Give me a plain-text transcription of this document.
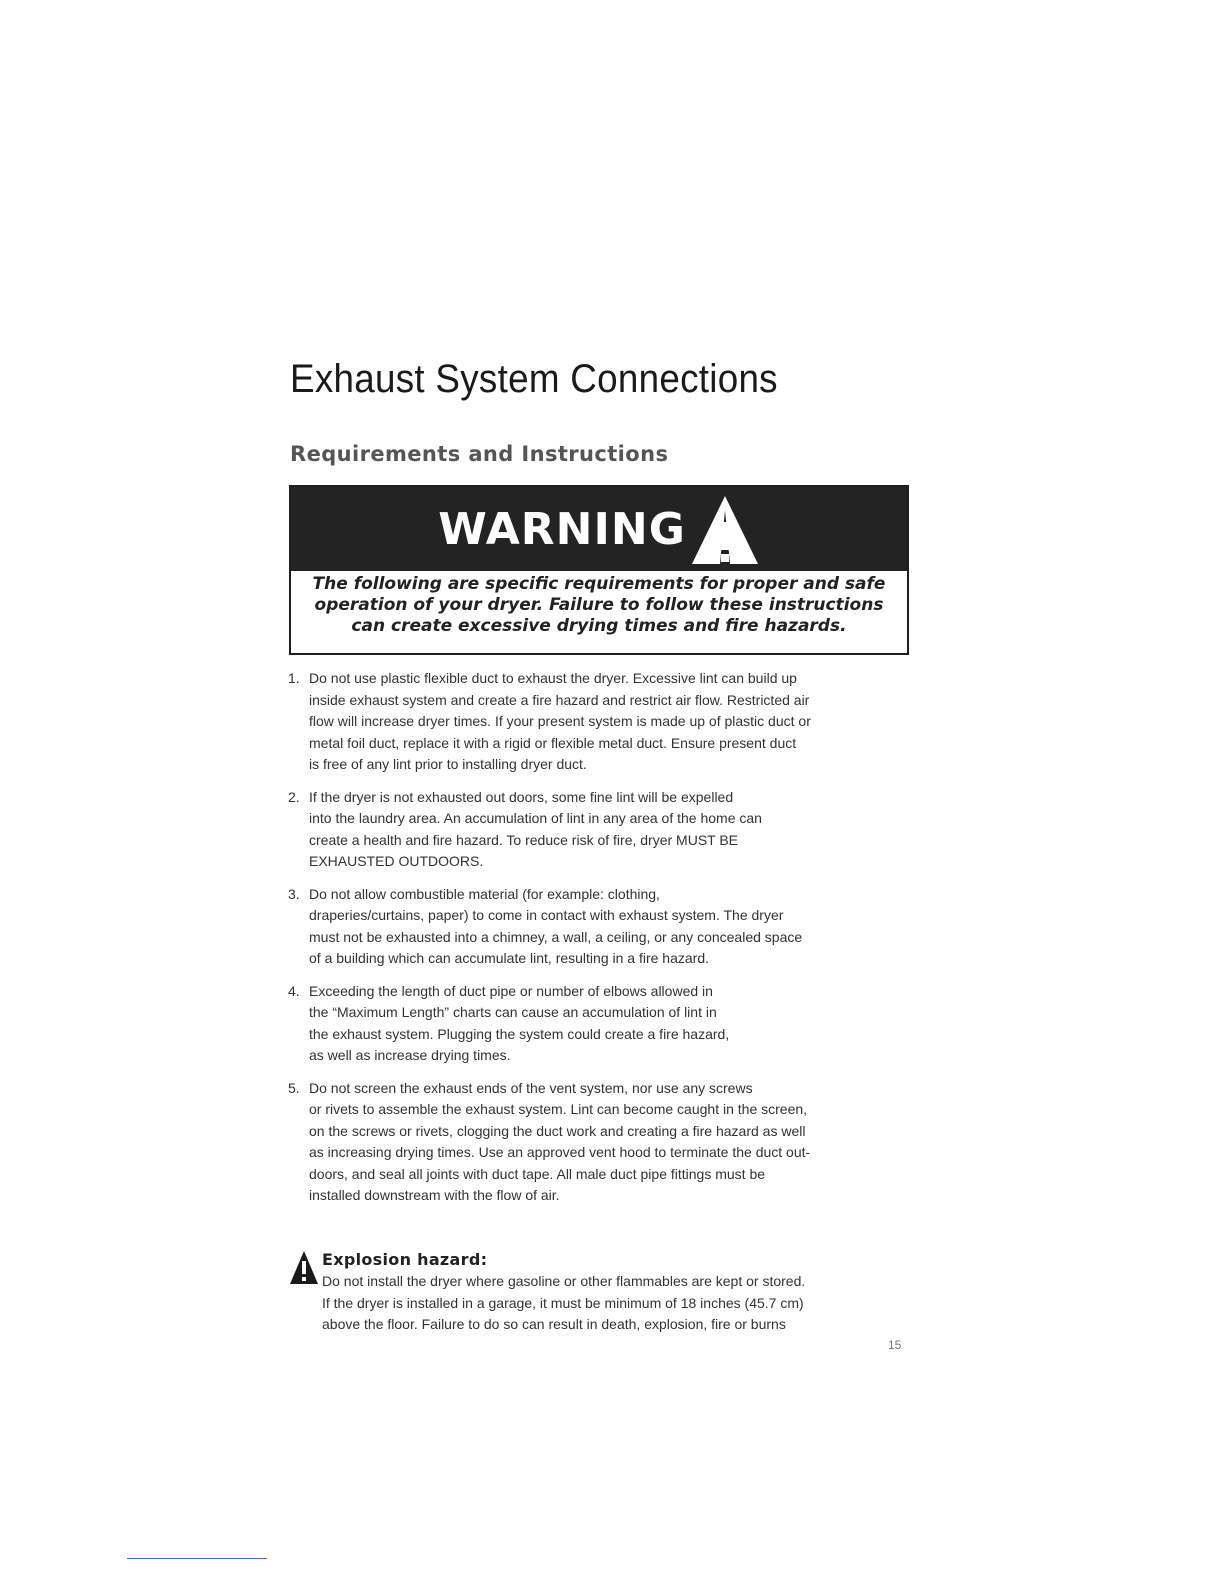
Exhaust System Connections
Requirements and Instructions
WARNING
The following are specific requirements for proper and safe
operation of your dryer. Failure to follow these instructions
can create excessive drying times and fire hazards.
1. Do not use plastic flexible duct to exhaust the dryer. Excessive lint can build up
inside exhaust system and create a fire hazard and restrict air flow. Restricted air
flow will increase dryer times. If your present system is made up of plastic duct or
metal foil duct, replace it with a rigid or flexible metal duct. Ensure present duct
is free of any lint prior to installing dryer duct.
2. If the dryer is not exhausted out doors, some fine lint will be expelled
into the laundry area. An accumulation of lint in any area of the home can
create a health and fire hazard. To reduce risk of fire, dryer MUST BE
EXHAUSTED OUTDOORS.
3. Do not allow combustible material (for example: clothing,
draperies/curtains, paper) to come in contact with exhaust system. The dryer
must not be exhausted into a chimney, a wall, a ceiling, or any concealed space
of a building which can accumulate lint, resulting in a fire hazard.
4. Exceeding the length of duct pipe or number of elbows allowed in
the “Maximum Length” charts can cause an accumulation of lint in
the exhaust system. Plugging the system could create a fire hazard,
as well as increase drying times.
5. Do not screen the exhaust ends of the vent system, nor use any screws
or rivets to assemble the exhaust system. Lint can become caught in the screen,
on the screws or rivets, clogging the duct work and creating a fire hazard as well
as increasing drying times. Use an approved vent hood to terminate the duct out-
doors, and seal all joints with duct tape. All male duct pipe fittings must be
installed downstream with the flow of air.
Explosion hazard:
Do not install the dryer where gasoline or other flammables are kept or stored.
If the dryer is installed in a garage, it must be minimum of 18 inches (45.7 cm)
above the floor. Failure to do so can result in death, explosion, fire or burns
15
